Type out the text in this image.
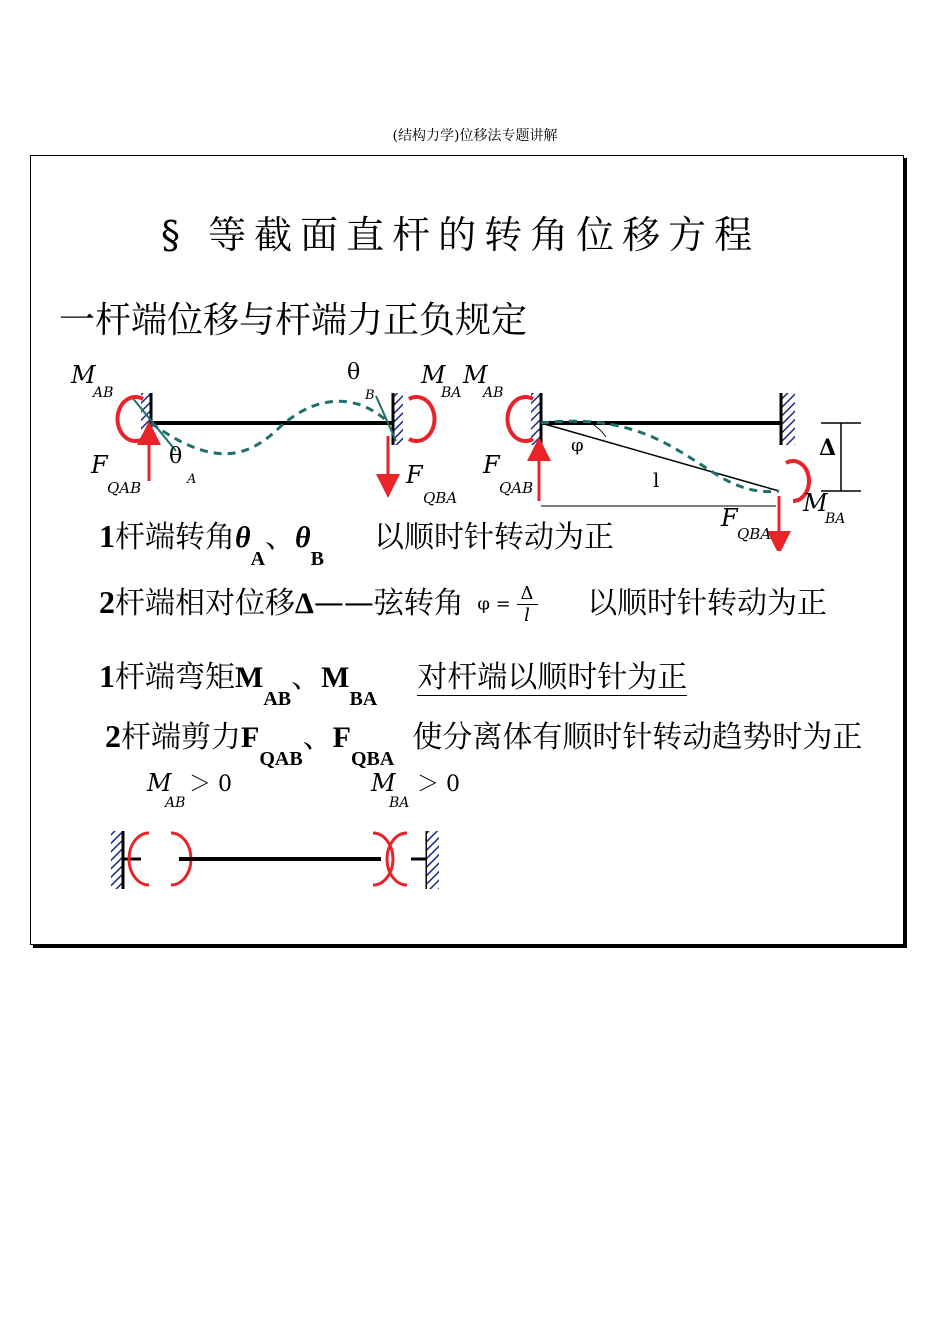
(结构力学)位移法专题讲解
§ 等截面直杆的转角位移方程
一杆端位移与杆端力正负规定
M
AB
θ
B
M
BA
θ
A
F
QAB	F
QBA
M
AB
φ	Δ
l
F
QAB
F
QBA
M
BA
1杆端转角$\theta_A$、$\theta_B$以顺时针转动为正
2杆端相对位移Δ——弦转角 $\varphi = \frac{\Delta}{l}$ 以顺时针转动为正
1杆端弯矩$M_{AB}$、$M_{BA}$对杆端以顺时针为正
2杆端剪力$F_{QAB}$、$F_{QBA}$使分离体有顺时针转动趋势时为正
M
AB
＞ 0	M
BA
＞ 0
